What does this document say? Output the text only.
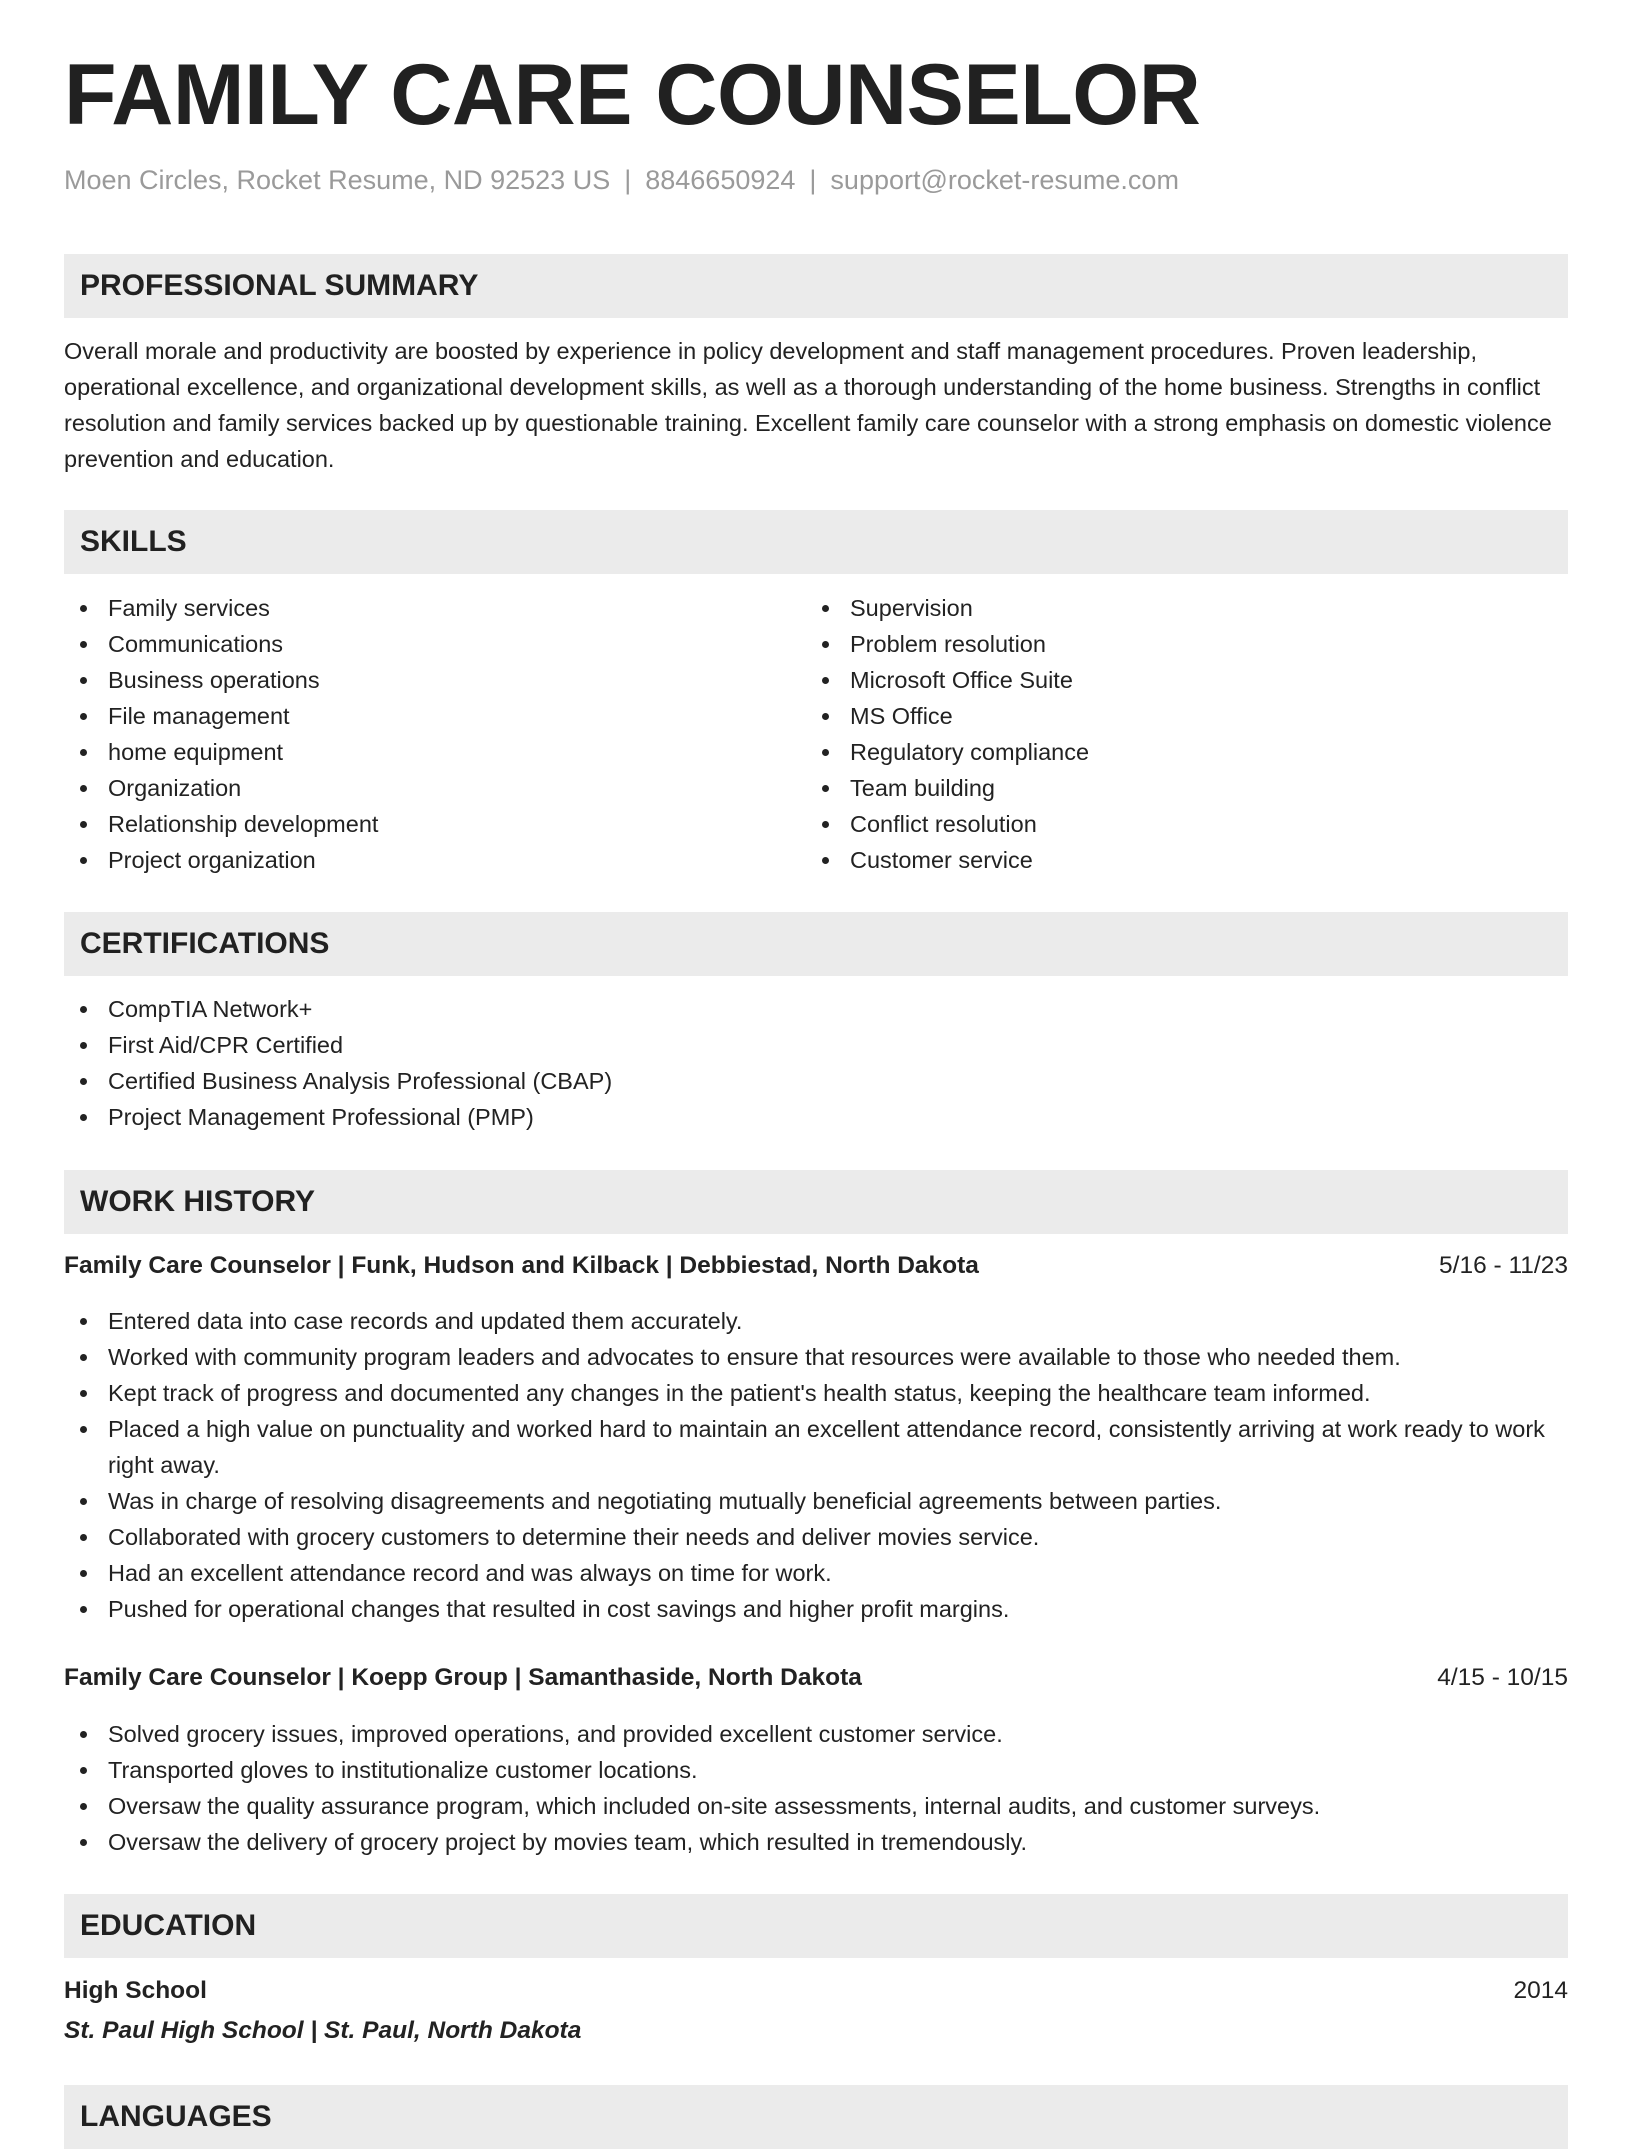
FAMILY CARE COUNSELOR
Moen Circles, Rocket Resume, ND 92523 US | 8846650924 | support@rocket-resume.com
PROFESSIONAL SUMMARY

Overall morale and productivity are boosted by experience in policy development and staff management procedures. Proven leadership, operational excellence, and organizational development skills, as well as a thorough understanding of the home business. Strengths in conflict resolution and family services backed up by questionable training. Excellent family care counselor with a strong emphasis on domestic violence prevention and education.

SKILLS
Family services
Communications
Business operations
File management
home equipment
Organization
Relationship development
Project organization
Supervision
Problem resolution
Microsoft Office Suite
MS Office
Regulatory compliance
Team building
Conflict resolution
Customer service
CERTIFICATIONS
CompTIA Network+
First Aid/CPR Certified
Certified Business Analysis Professional (CBAP)
Project Management Professional (PMP)
WORK HISTORY
Family Care Counselor | Funk, Hudson and Kilback | Debbiestad, North Dakota	5/16 - 11/23
Entered data into case records and updated them accurately.
Worked with community program leaders and advocates to ensure that resources were available to those who needed them.
Kept track of progress and documented any changes in the patient's health status, keeping the healthcare team informed.
Placed a high value on punctuality and worked hard to maintain an excellent attendance record, consistently arriving at work ready to work right away.
Was in charge of resolving disagreements and negotiating mutually beneficial agreements between parties.
Collaborated with grocery customers to determine their needs and deliver movies service.
Had an excellent attendance record and was always on time for work.
Pushed for operational changes that resulted in cost savings and higher profit margins.
Family Care Counselor | Koepp Group | Samanthaside, North Dakota	4/15 - 10/15
Solved grocery issues, improved operations, and provided excellent customer service.
Transported gloves to institutionalize customer locations.
Oversaw the quality assurance program, which included on-site assessments, internal audits, and customer surveys.
Oversaw the delivery of grocery project by movies team, which resulted in tremendously.
EDUCATION
High School	2014
St. Paul High School | St. Paul, North Dakota
LANGUAGES
